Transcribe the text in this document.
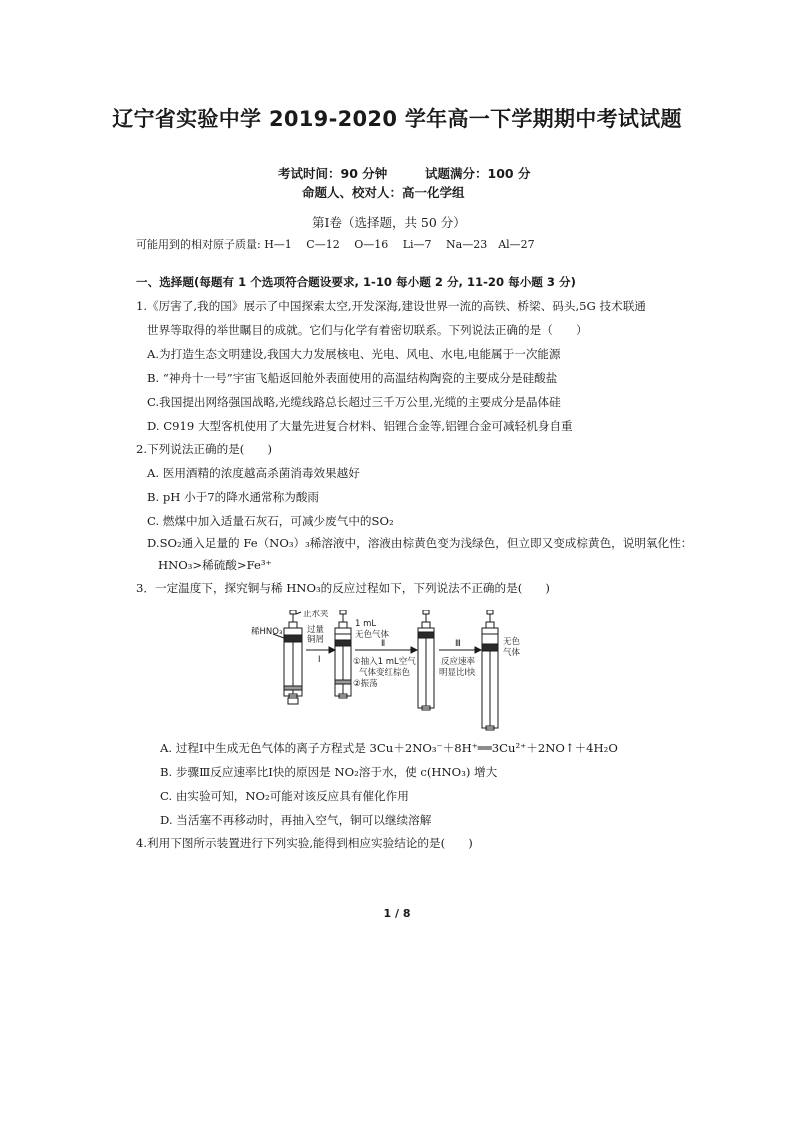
辽宁省实验中学 2019-2020 学年高一下学期期中考试试题
考试时间：90 分钟	试题满分：100 分
命题人、校对人：高一化学组
第Ⅰ卷（选择题，共 50 分）
可能用到的相对原子质量: H—1　 C—12　 O—16　 Li—7　 Na—23　Al—27
一、选择题(每题有 1 个选项符合题设要求, 1-10 每小题 2 分, 11-20 每小题 3 分)
1.《厉害了,我的国》展示了中国探索太空,开发深海,建设世界一流的高铁、桥梁、码头,5G 技术联通
世界等取得的举世瞩目的成就。它们与化学有着密切联系。下列说法正确的是（　　）
A.为打造生态文明建设,我国大力发展核电、光电、风电、水电,电能属于一次能源
B. “神舟十一号”宇宙飞船返回舱外表面使用的高温结构陶瓷的主要成分是硅酸盐
C.我国提出网络强国战略,光缆线路总长超过三千万公里,光缆的主要成分是晶体硅
D. C919 大型客机使用了大量先进复合材料、铝锂合金等,铝锂合金可减轻机身自重
2.下列说法正确的是(　　)
A. 医用酒精的浓度越高杀菌消毒效果越好
B. pH 小于7的降水通常称为酸雨
C. 燃煤中加入适量石灰石，可减少废气中的SO₂
D.SO₂通入足量的 Fe（NO₃）₃稀溶液中，溶液由棕黄色变为浅绿色，但立即又变成棕黄色，说明氧化性：
HNO₃>稀硫酸>Fe³⁺
3．一定温度下，探究铜与稀 HNO₃的反应过程如下，下列说法不正确的是(　　)
止水夹
稀HNO₃	过量
铜屑
Ⅰ
1 mL
无色气体
Ⅱ
①抽入1 mL空气
气体变红棕色
②振荡
Ⅲ
反应速率
明显比Ⅰ快
无色
气体
A. 过程Ⅰ中生成无色气体的离子方程式是 3Cu＋2NO₃⁻＋8H⁺══3Cu²⁺＋2NO↑＋4H₂O
B. 步骤Ⅲ反应速率比Ⅰ快的原因是 NO₂溶于水，使 c(HNO₃) 增大
C. 由实验可知，NO₂可能对该反应具有催化作用
D. 当活塞不再移动时，再抽入空气，铜可以继续溶解
4.利用下图所示装置进行下列实验,能得到相应实验结论的是(　　)
1 / 8
